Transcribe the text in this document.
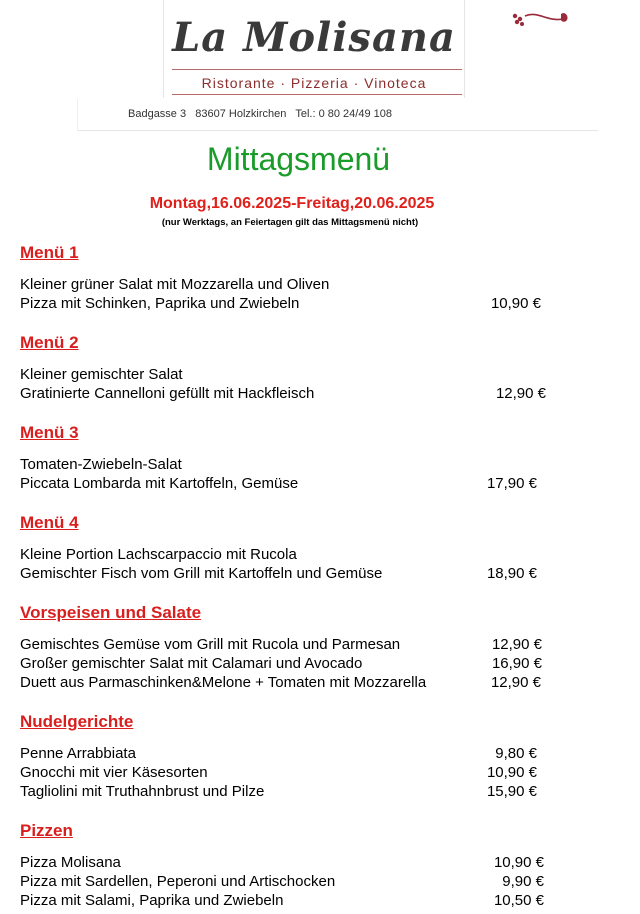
La Molisana
Ristorante · Pizzeria · Vinoteca
Badgasse 3   83607 Holzkirchen   Tel.: 0 80 24/49 108
Mittagsmenü
Montag,16.06.2025-Freitag,20.06.2025
(nur Werktags, an Feiertagen gilt das Mittagsmenü nicht)
Menü 1
Kleiner grüner Salat mit Mozzarella und Oliven
Pizza mit Schinken, Paprika und Zwiebeln	10,90 €
Menü 2
Kleiner gemischter Salat
Gratinierte Cannelloni gefüllt mit Hackfleisch	12,90 €
Menü 3
Tomaten-Zwiebeln-Salat
Piccata Lombarda mit Kartoffeln, Gemüse	17,90 €
Menü 4
Kleine Portion Lachscarpaccio mit Rucola
Gemischter Fisch vom Grill mit Kartoffeln und Gemüse	18,90 €
Vorspeisen und Salate
Gemischtes Gemüse vom Grill mit Rucola und Parmesan	12,90 €
Großer gemischter Salat mit Calamari und Avocado	16,90 €
Duett aus Parmaschinken&Melone + Tomaten mit Mozzarella	12,90 €
Nudelgerichte
Penne Arrabbiata	9,80 €
Gnocchi mit vier Käsesorten	10,90 €
Tagliolini mit Truthahnbrust und Pilze	15,90 €
Pizzen
Pizza Molisana	10,90 €
Pizza mit Sardellen, Peperoni und Artischocken	9,90 €
Pizza mit Salami, Paprika und Zwiebeln	10,50 €
